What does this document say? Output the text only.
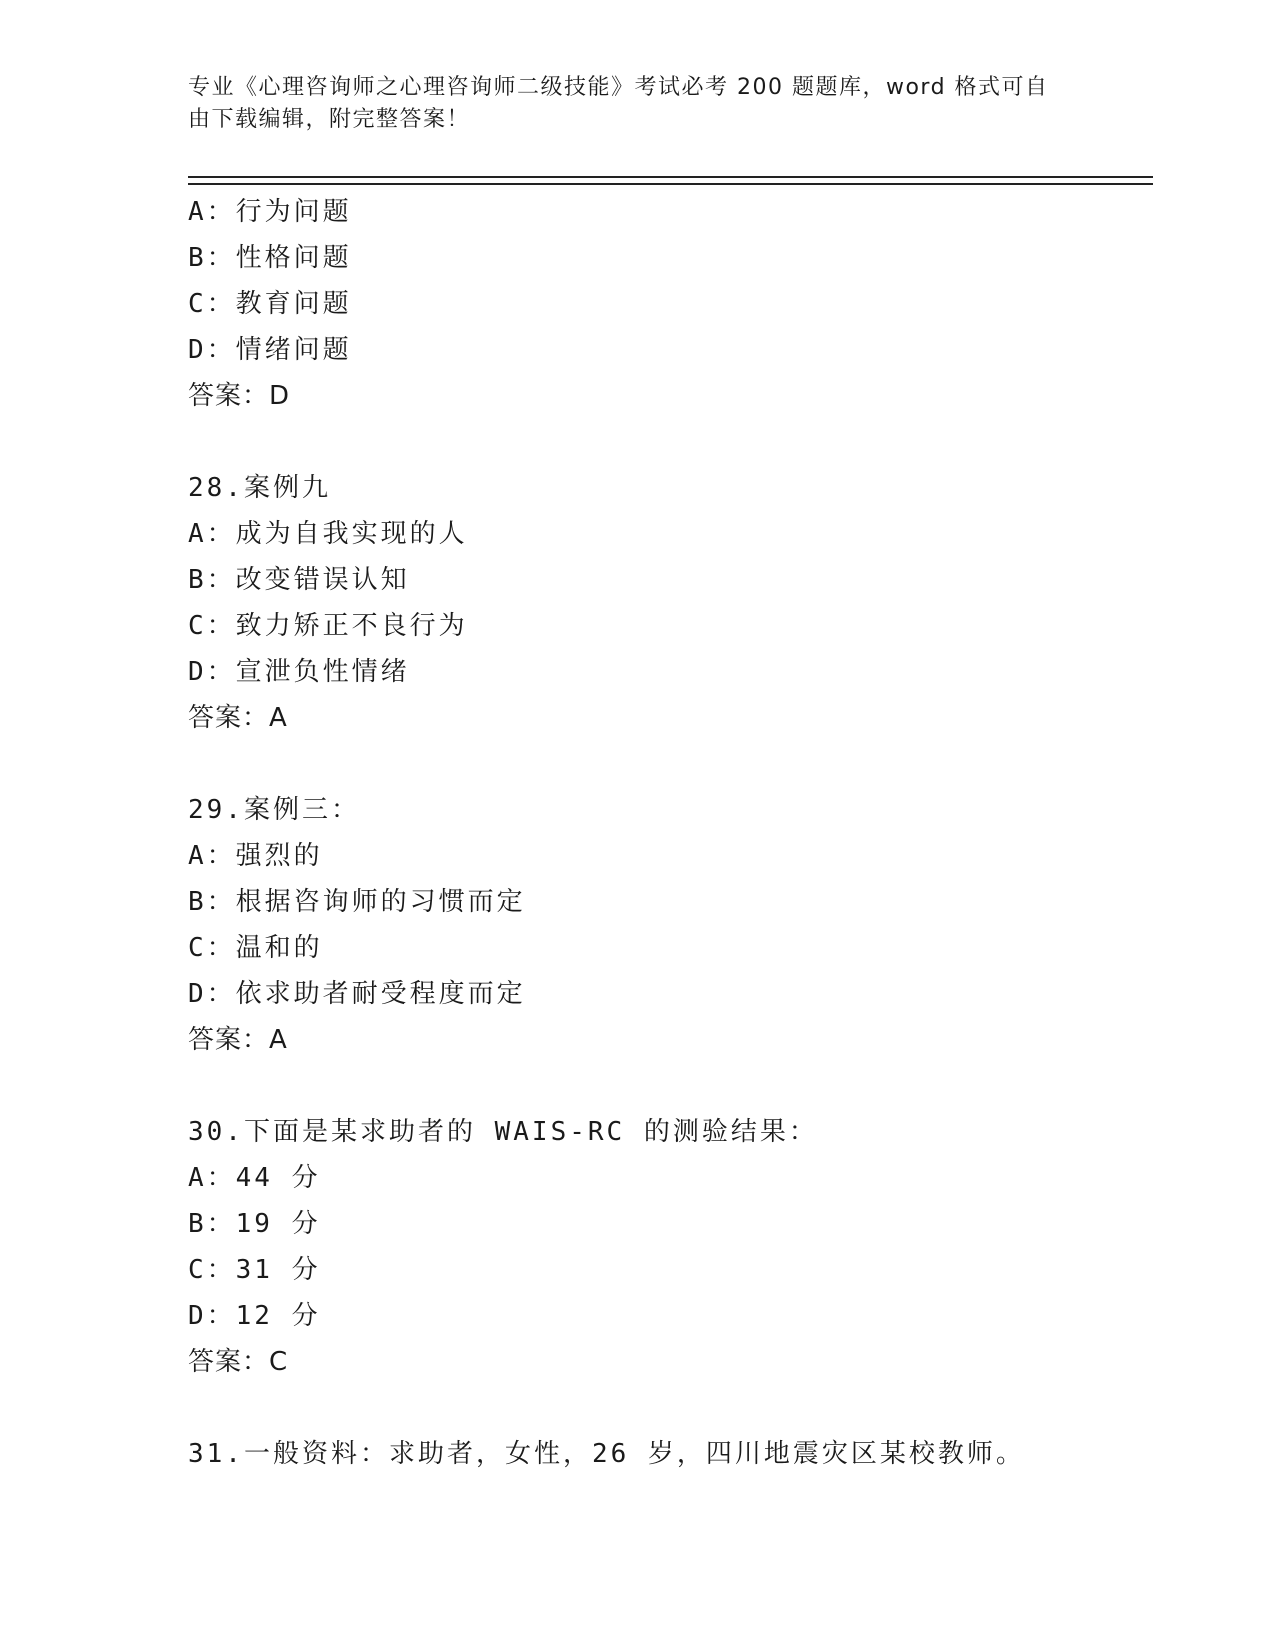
专业《心理咨询师之心理咨询师二级技能》考试必考 200 题题库，word 格式可自
由下载编辑，附完整答案！
A：行为问题
B：性格问题
C：教育问题
D：情绪问题
答案：D
28.案例九
A：成为自我实现的人
B：改变错误认知
C：致力矫正不良行为
D：宣泄负性情绪
答案：A
29.案例三：
A：强烈的
B：根据咨询师的习惯而定
C：温和的
D：依求助者耐受程度而定
答案：A
30.下面是某求助者的 WAIS-RC 的测验结果：
A：44 分
B：19 分
C：31 分
D：12 分
答案：C
31.一般资料：求助者，女性，26 岁，四川地震灾区某校教师。
